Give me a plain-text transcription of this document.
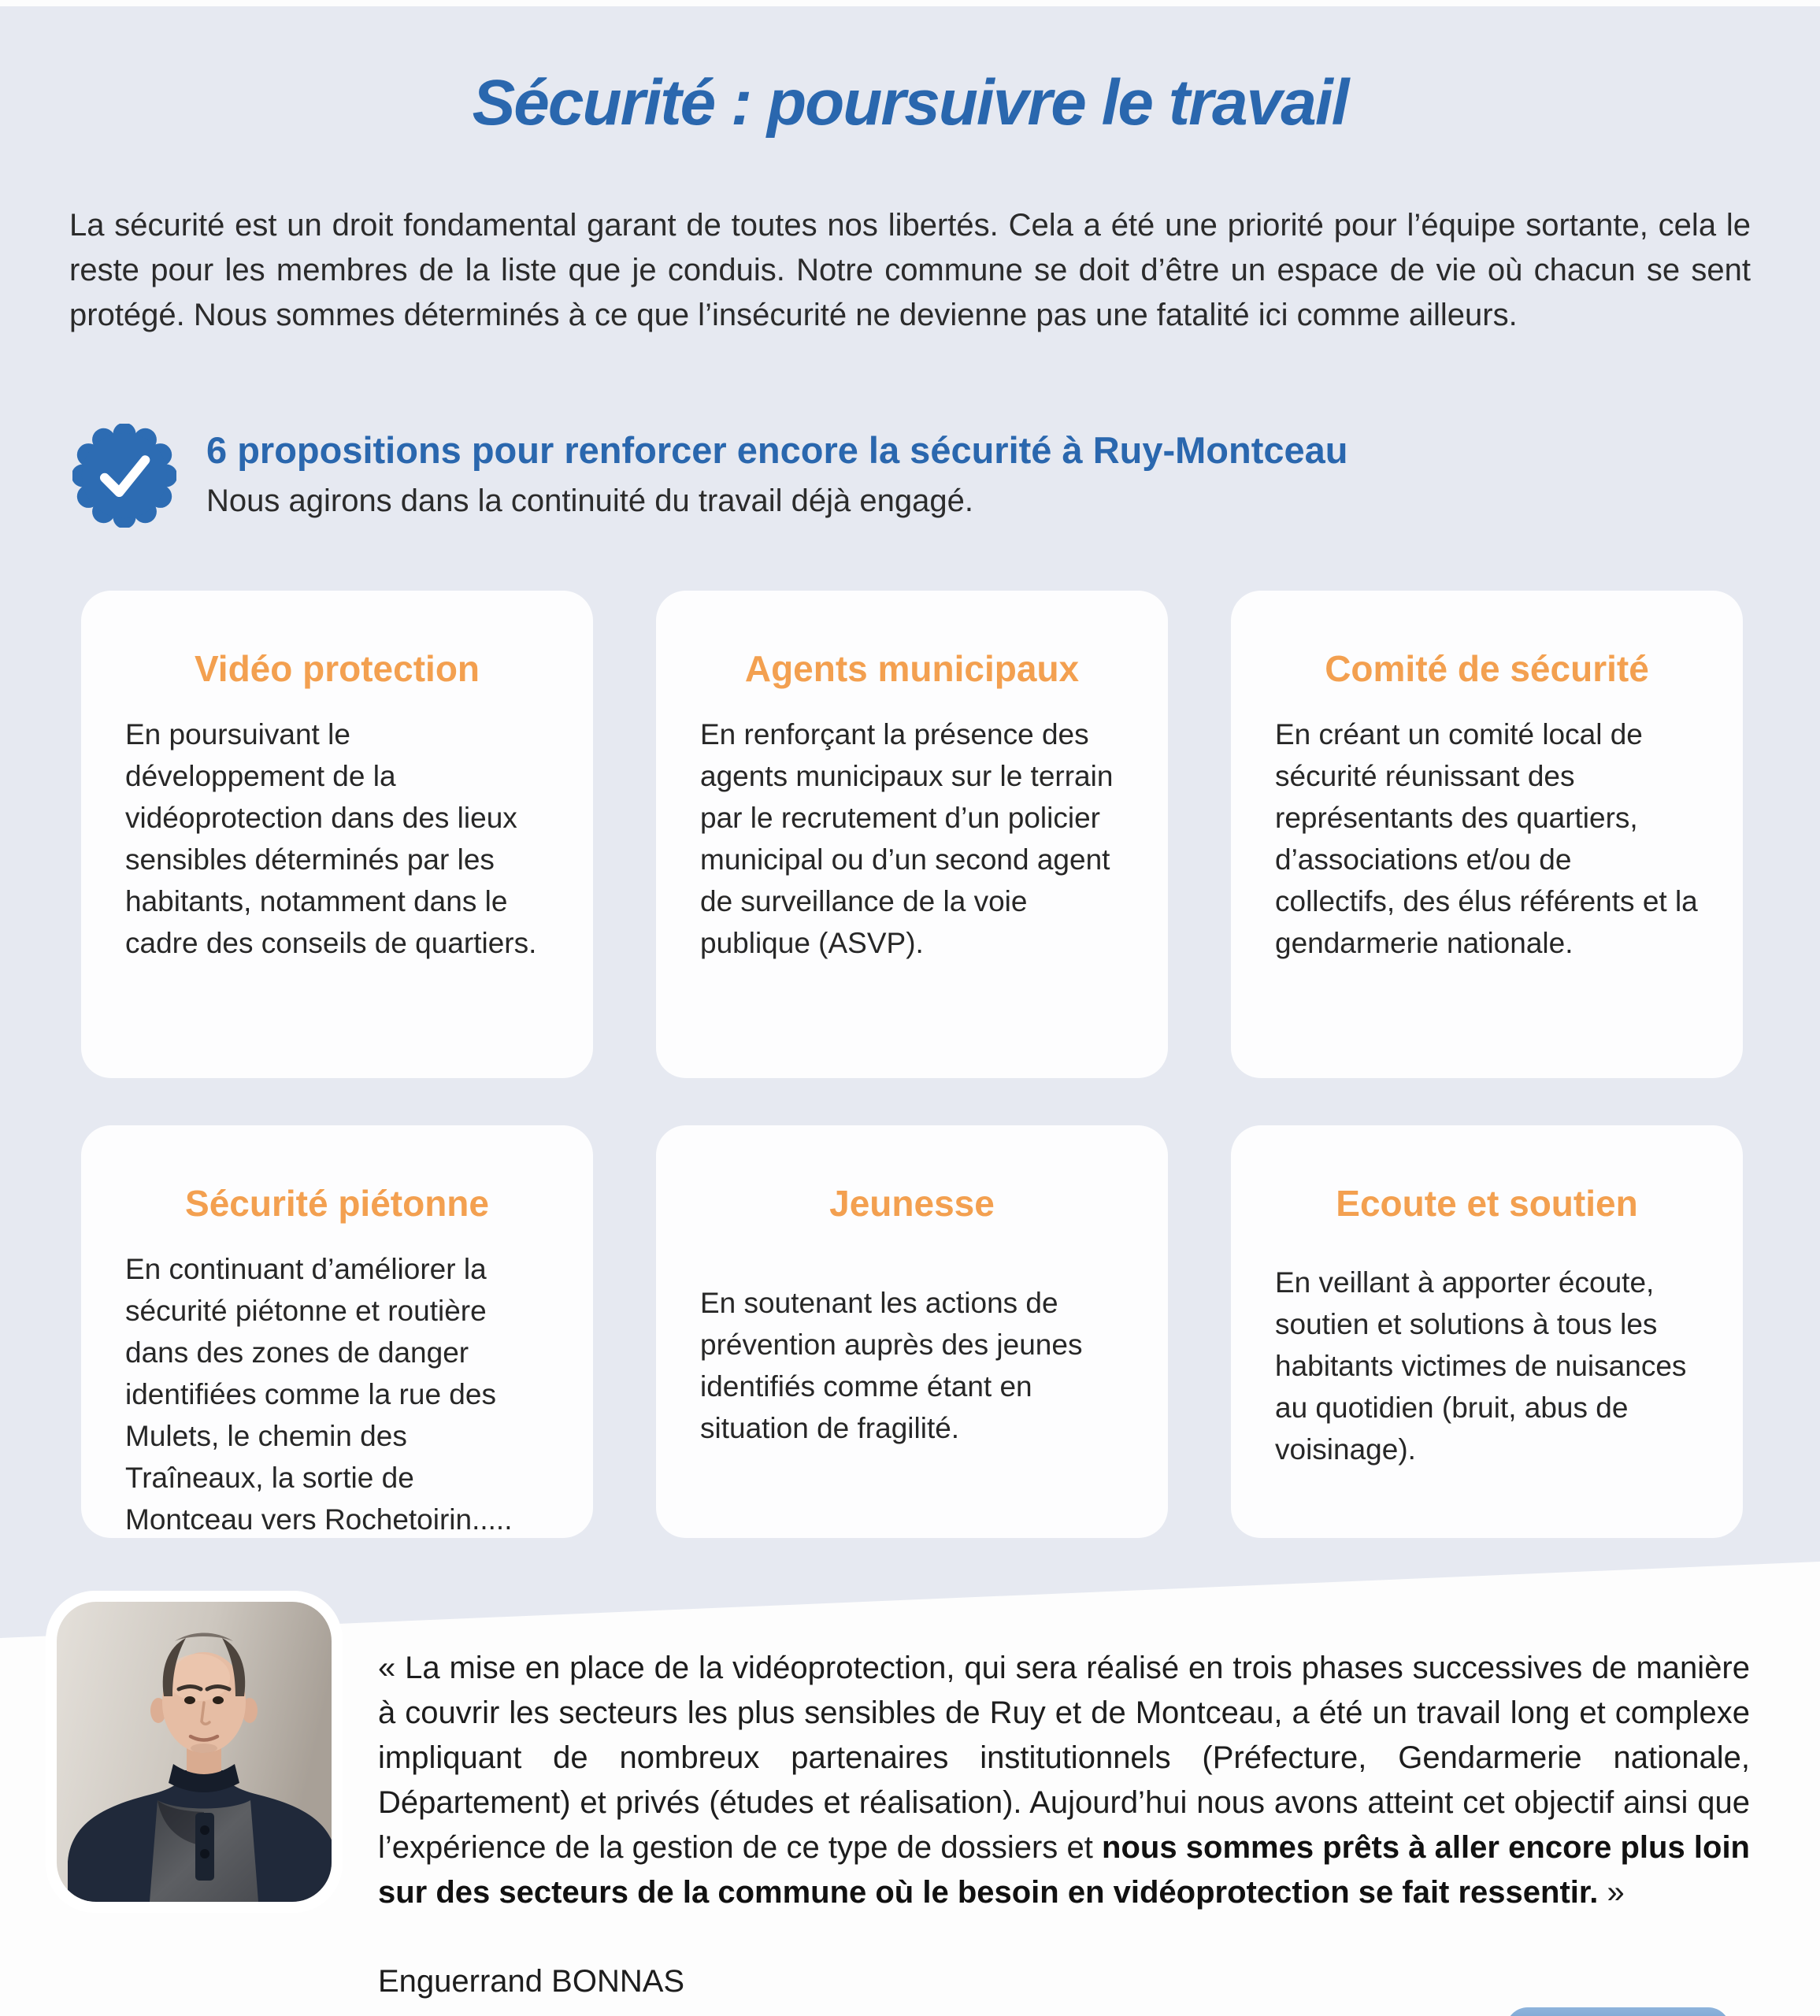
Sécurité : poursuivre le travail

La sécurité est un droit fondamental garant de toutes nos libertés. Cela a été une priorité pour l’équipe sortante, cela le reste pour les membres de la liste que je conduis. Notre commune se doit d’être un espace de vie où chacun se sent protégé. Nous sommes déterminés à ce que l’insécurité ne devienne pas une fatalité ici comme ailleurs.

6 propositions pour renforcer encore la sécurité à Ruy-Montceau

Nous agirons dans la continuité du travail déjà engagé.

Vidéo protection

En poursuivant le développement de la vidéoprotection dans des lieux sensibles déterminés par les habitants, notamment dans le cadre des conseils de quartiers.

Agents municipaux

En renforçant la présence des agents municipaux sur le terrain par le recrutement d’un policier municipal ou d’un second agent de surveillance de la voie publique (ASVP).

Comité de sécurité

En créant un comité local de sécurité réunissant des représentants des quartiers, d’associations et/ou de collectifs, des élus référents et la gendarmerie nationale.

Sécurité piétonne

En continuant d’améliorer la sécurité piétonne et routière dans des zones de danger identifiées comme la rue des Mulets, le chemin des Traîneaux, la sortie de Montceau vers Rochetoirin.....

Jeunesse

En soutenant les actions de prévention auprès des jeunes identifiés comme étant en situation de fragilité.

Ecoute et soutien

En veillant à apporter écoute, soutien et solutions à tous les habitants victimes de nuisances au quotidien (bruit, abus de voisinage).

« La mise en place de la vidéoprotection, qui sera réalisé en trois phases successives de manière à couvrir les secteurs les plus sensibles de Ruy et de Montceau, a été un travail long et complexe impliquant de nombreux partenaires institutionnels (Préfecture, Gendarmerie nationale, Département) et privés (études et réalisation). Aujourd’hui nous avons atteint cet objectif ainsi que l’expérience de la gestion de ce type de dossiers et nous sommes prêts à aller encore plus loin sur des secteurs de la commune où le besoin en vidéoprotection se fait ressentir. »

Enguerrand BONNAS
